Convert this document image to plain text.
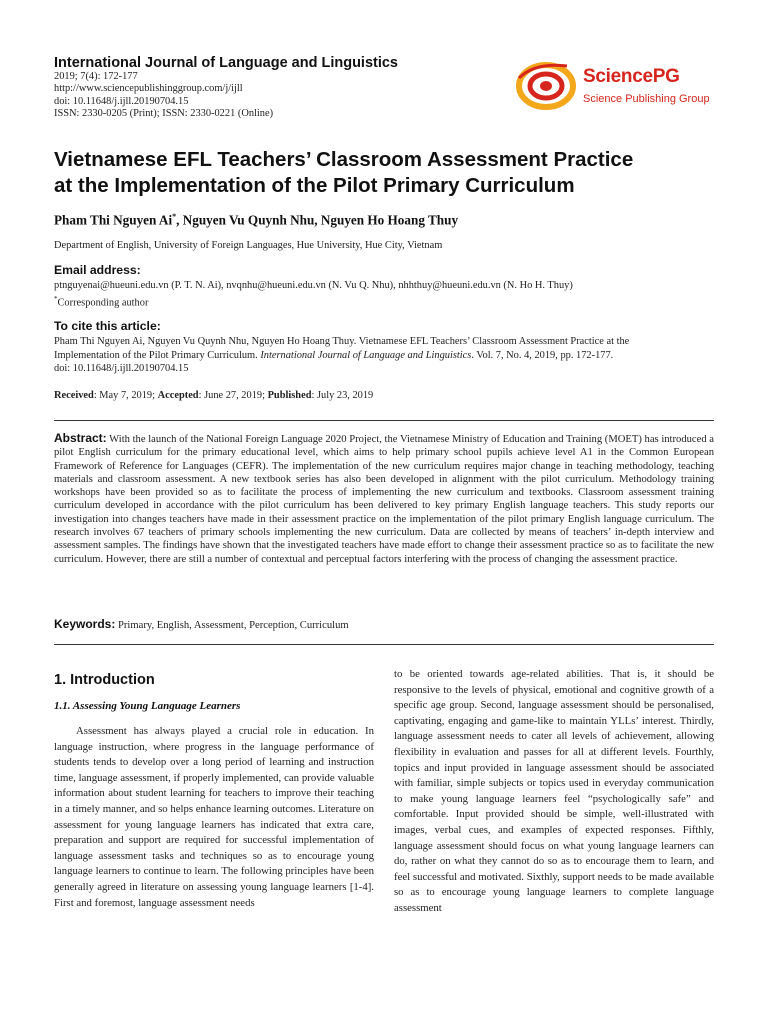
International Journal of Language and Linguistics
2019; 7(4): 172-177
http://www.sciencepublishinggroup.com/j/ijll
doi: 10.11648/j.ijll.20190704.15
ISSN: 2330-0205 (Print); ISSN: 2330-0221 (Online)
SciencePG
Science Publishing Group
Vietnamese EFL Teachers’ Classroom Assessment Practice
at the Implementation of the Pilot Primary Curriculum
Pham Thi Nguyen Ai*, Nguyen Vu Quynh Nhu, Nguyen Ho Hoang Thuy
Department of English, University of Foreign Languages, Hue University, Hue City, Vietnam
Email address:
ptnguyenai@hueuni.edu.vn (P. T. N. Ai), nvqnhu@hueuni.edu.vn (N. Vu Q. Nhu), nhhthuy@hueuni.edu.vn (N. Ho H. Thuy)
*Corresponding author
To cite this article:
Pham Thi Nguyen Ai, Nguyen Vu Quynh Nhu, Nguyen Ho Hoang Thuy. Vietnamese EFL Teachers’ Classroom Assessment Practice at the
Implementation of the Pilot Primary Curriculum. International Journal of Language and Linguistics. Vol. 7, No. 4, 2019, pp. 172-177.
doi: 10.11648/j.ijll.20190704.15
Received: May 7, 2019; Accepted: June 27, 2019; Published: July 23, 2019
Abstract: With the launch of the National Foreign Language 2020 Project, the Vietnamese Ministry of Education and Training (MOET) has introduced a pilot English curriculum for the primary educational level, which aims to help primary school pupils achieve level A1 in the Common European Framework of Reference for Languages (CEFR). The implementation of the new curriculum requires major change in teaching methodology, teaching materials and classroom assessment. A new textbook series has also been developed in alignment with the pilot curriculum. Methodology training workshops have been provided so as to facilitate the process of implementing the new curriculum and textbooks. Classroom assessment training curriculum developed in accordance with the pilot curriculum has been delivered to key primary English language teachers. This study reports our investigation into changes teachers have made in their assessment practice on the implementation of the pilot primary English language curriculum. The research involves 67 teachers of primary schools implementing the new curriculum. Data are collected by means of teachers’ in-depth interview and assessment samples. The findings have shown that the investigated teachers have made effort to change their assessment practice so as to facilitate the new curriculum. However, there are still a number of contextual and perceptual factors interfering with the process of changing the assessment practice.
Keywords: Primary, English, Assessment, Perception, Curriculum
1. Introduction
1.1. Assessing Young Language Learners

Assessment has always played a crucial role in education. In language instruction, where progress in the language performance of students tends to develop over a long period of learning and instruction time, language assessment, if properly implemented, can provide valuable information about student learning for teachers to improve their teaching in a timely manner, and so helps enhance learning outcomes. Literature on assessment for young language learners has indicated that extra care, preparation and support are required for successful implementation of language assessment tasks and techniques so as to encourage young language learners to continue to learn. The following principles have been generally agreed in literature on assessing young language learners [1-4]. First and foremost, language assessment needs

to be oriented towards age-related abilities. That is, it should be responsive to the levels of physical, emotional and cognitive growth of a specific age group. Second, language assessment should be personalised, captivating, engaging and game-like to maintain YLLs’ interest. Thirdly, language assessment needs to cater all levels of achievement, allowing flexibility in evaluation and passes for all at different levels. Fourthly, topics and input provided in language assessment should be associated with familiar, simple subjects or topics used in everyday communication to make young language learners feel “psychologically safe” and comfortable. Input provided should be simple, well-illustrated with images, verbal cues, and examples of expected responses. Fifthly, language assessment should focus on what young language learners can do, rather on what they cannot do so as to encourage them to learn, and feel successful and motivated. Sixthly, support needs to be made available so as to encourage young language learners to complete language assessment
